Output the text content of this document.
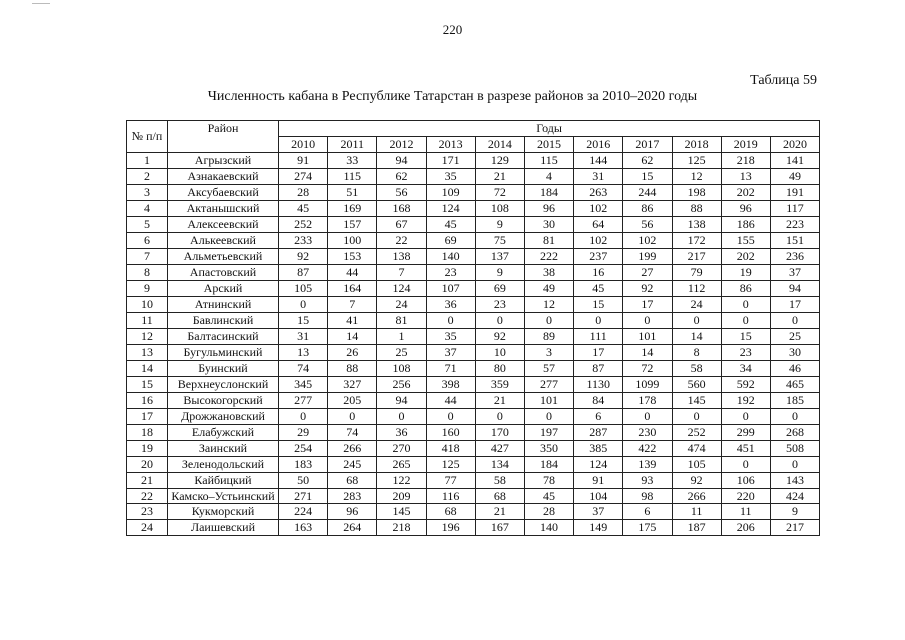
220
Таблица 59
Численность кабана в Республике Татарстан в разрезе районов за 2010–2020 годы
№ п/п	Район	Годы										
		2010	2011	2012	2013	2014	2015	2016	2017	2018	2019	2020
1	Агрызский	91	33	94	171	129	115	144	62	125	218	141
2	Азнакаевский	274	115	62	35	21	4	31	15	12	13	49
3	Аксубаевский	28	51	56	109	72	184	263	244	198	202	191
4	Актанышский	45	169	168	124	108	96	102	86	88	96	117
5	Алексеевский	252	157	67	45	9	30	64	56	138	186	223
6	Алькеевский	233	100	22	69	75	81	102	102	172	155	151
7	Альметьевский	92	153	138	140	137	222	237	199	217	202	236
8	Апастовский	87	44	7	23	9	38	16	27	79	19	37
9	Арский	105	164	124	107	69	49	45	92	112	86	94
10	Атнинский	0	7	24	36	23	12	15	17	24	0	17
11	Бавлинский	15	41	81	0	0	0	0	0	0	0	0
12	Балтасинский	31	14	1	35	92	89	111	101	14	15	25
13	Бугульминский	13	26	25	37	10	3	17	14	8	23	30
14	Буинский	74	88	108	71	80	57	87	72	58	34	46
15	Верхнеуслонский	345	327	256	398	359	277	1130	1099	560	592	465
16	Высокогорский	277	205	94	44	21	101	84	178	145	192	185
17	Дрожжановский	0	0	0	0	0	0	6	0	0	0	0
18	Елабужский	29	74	36	160	170	197	287	230	252	299	268
19	Заинский	254	266	270	418	427	350	385	422	474	451	508
20	Зеленодольский	183	245	265	125	134	184	124	139	105	0	0
21	Кайбицкий	50	68	122	77	58	78	91	93	92	106	143
22	Камско–Устьинский	271	283	209	116	68	45	104	98	266	220	424
23	Кукморский	224	96	145	68	21	28	37	6	11	11	9
24	Лаишевский	163	264	218	196	167	140	149	175	187	206	217
